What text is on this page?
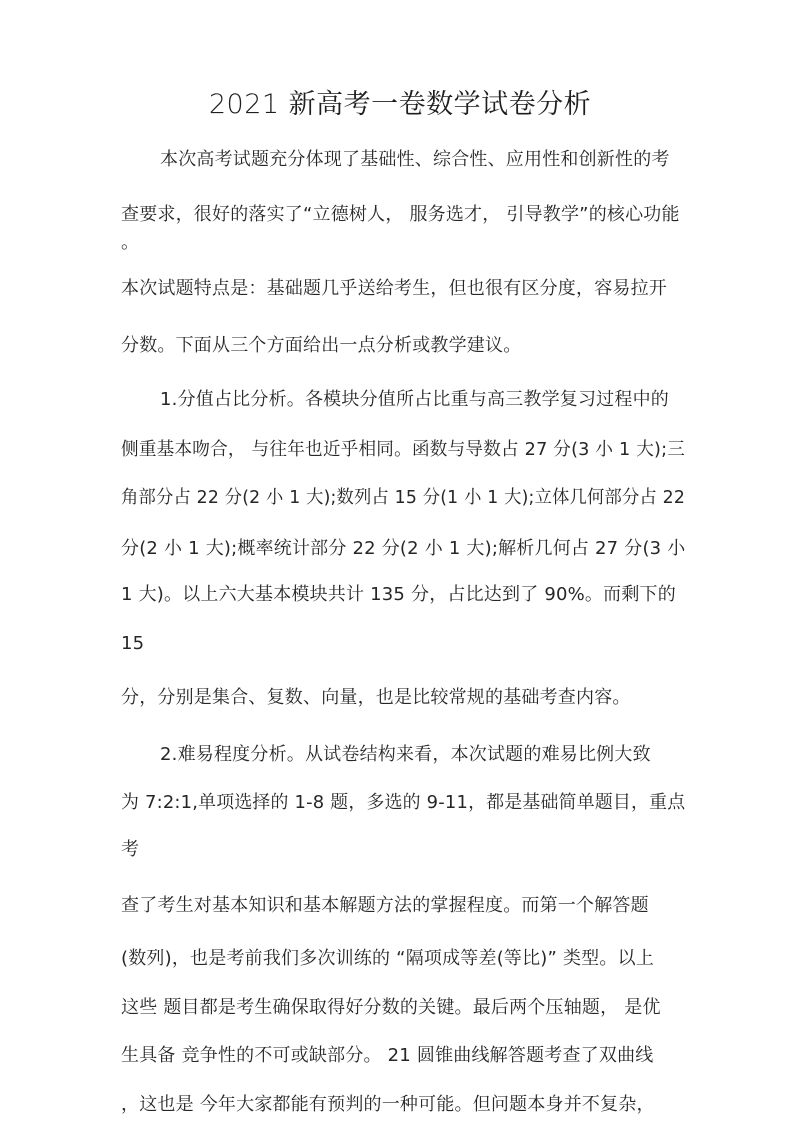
2021 新高考一卷数学试卷分析
本次高考试题充分体现了基础性、综合性、应用性和创新性的考
查要求，很好的落实了“立德树人， 服务选才， 引导教学”的核心功能
。
本次试题特点是：基础题几乎送给考生，但也很有区分度，容易拉开
分数。下面从三个方面给出一点分析或教学建议。
1.分值占比分析。各模块分值所占比重与高三教学复习过程中的
侧重基本吻合， 与往年也近乎相同。函数与导数占 27 分(3 小 1 大);三
角部分占 22 分(2 小 1 大);数列占 15 分(1 小 1 大);立体几何部分占 22
分(2 小 1 大);概率统计部分 22 分(2 小 1 大);解析几何占 27 分(3 小
1 大)。以上六大基本模块共计 135 分，占比达到了 90%。而剩下的
15
分，分别是集合、复数、向量，也是比较常规的基础考查内容。
2.难易程度分析。从试卷结构来看，本次试题的难易比例大致
为 7:2:1,单项选择的 1-8 题，多选的 9-11，都是基础简单题目，重点
考
查了考生对基本知识和基本解题方法的掌握程度。而第一个解答题
(数列)，也是考前我们多次训练的 “隔项成等差(等比)” 类型。以上
这些 题目都是考生确保取得好分数的关键。最后两个压轴题， 是优
生具备 竞争性的不可或缺部分。 21 圆锥曲线解答题考查了双曲线
，这也是 今年大家都能有预判的一种可能。但问题本身并不复杂，
